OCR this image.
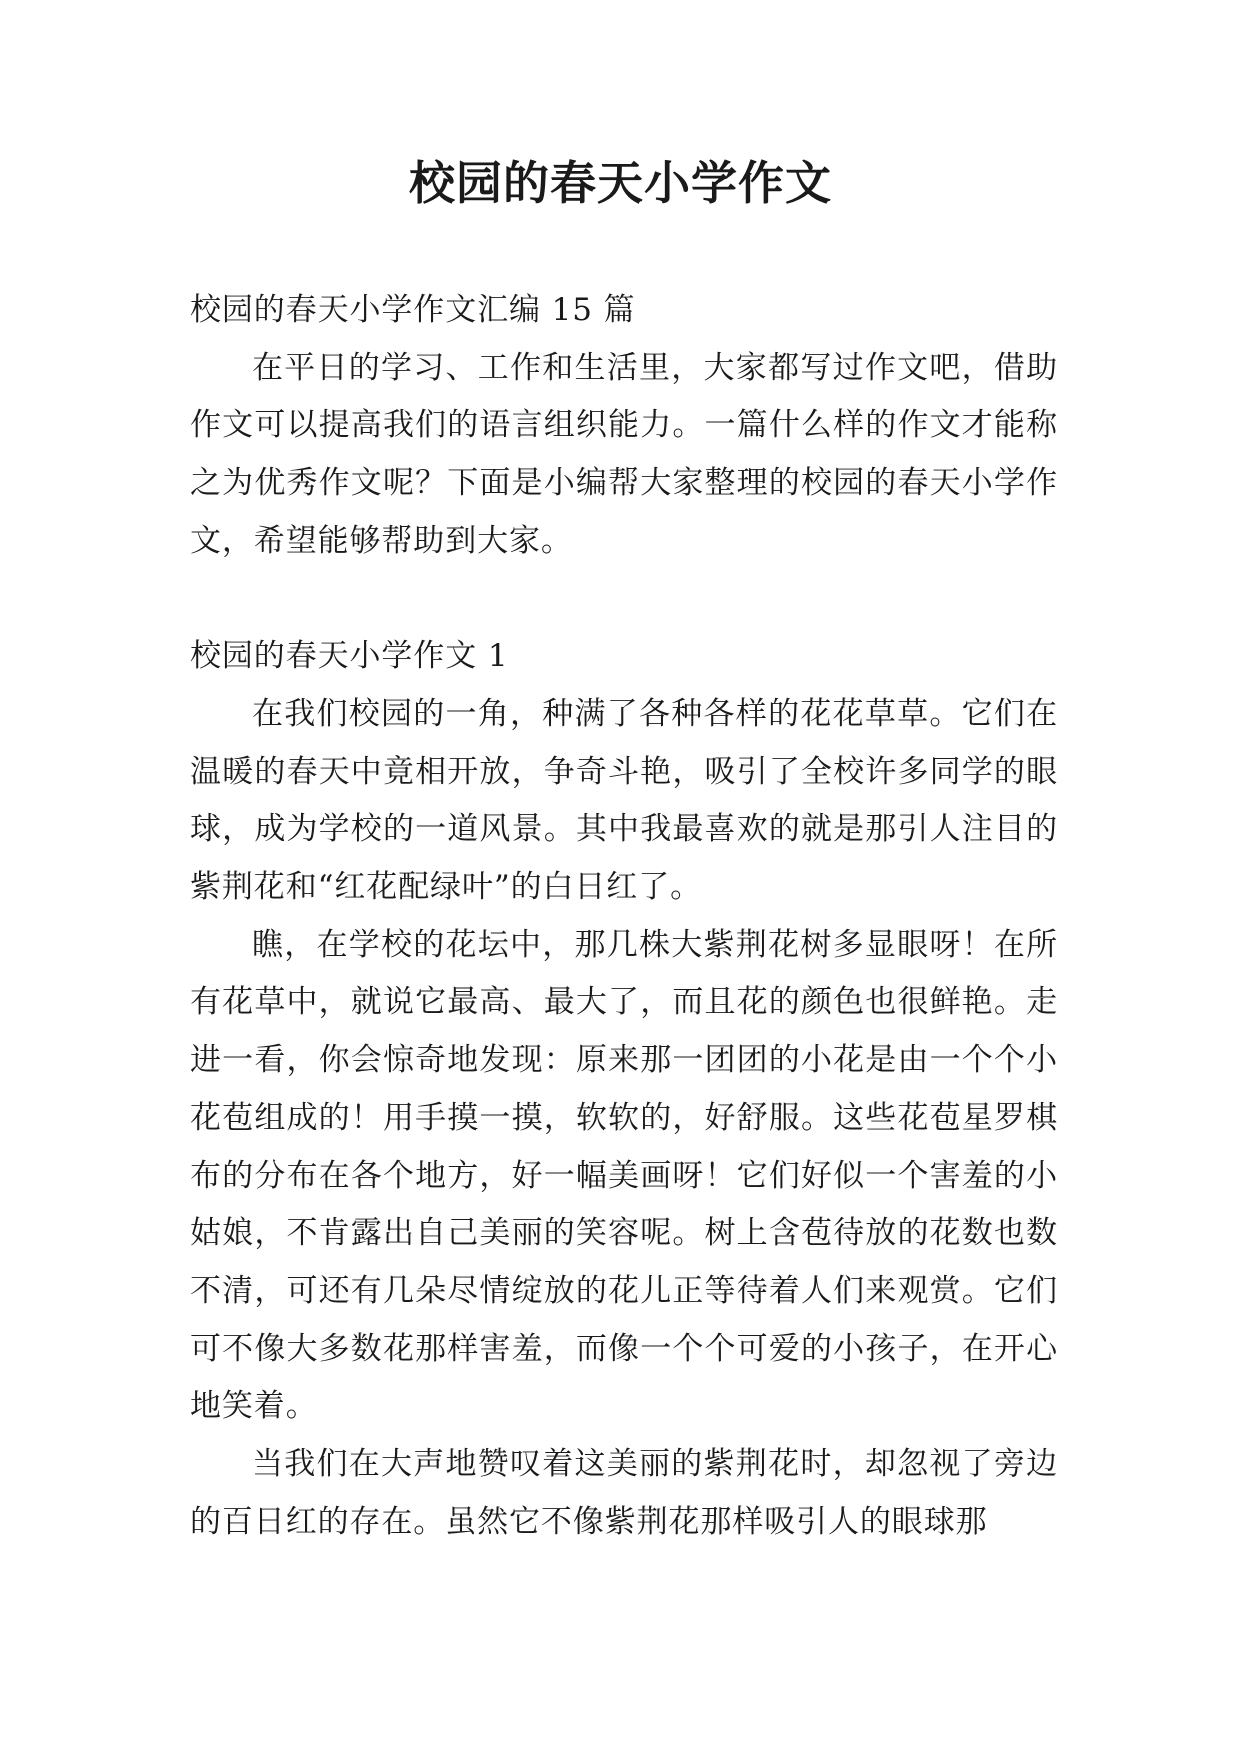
校园的春天小学作文

校园的春天小学作文汇编 15 篇

在平日的学习、工作和生活里，大家都写过作文吧，借助作文可以提高我们的语言组织能力。一篇什么样的作文才能称之为优秀作文呢？下面是小编帮大家整理的校园的春天小学作文，希望能够帮助到大家。

校园的春天小学作文 1

在我们校园的一角，种满了各种各样的花花草草。它们在温暖的春天中竟相开放，争奇斗艳，吸引了全校许多同学的眼球，成为学校的一道风景。其中我最喜欢的就是那引人注目的紫荆花和“红花配绿叶”的白日红了。

瞧，在学校的花坛中，那几株大紫荆花树多显眼呀！在所有花草中，就说它最高、最大了，而且花的颜色也很鲜艳。走进一看，你会惊奇地发现：原来那一团团的小花是由一个个小花苞组成的！用手摸一摸，软软的，好舒服。这些花苞星罗棋布的分布在各个地方，好一幅美画呀！它们好似一个害羞的小姑娘，不肯露出自己美丽的笑容呢。树上含苞待放的花数也数不清，可还有几朵尽情绽放的花儿正等待着人们来观赏。它们可不像大多数花那样害羞，而像一个个可爱的小孩子，在开心地笑着。

当我们在大声地赞叹着这美丽的紫荆花时，却忽视了旁边的百日红的存在。虽然它不像紫荆花那样吸引人的眼球那
